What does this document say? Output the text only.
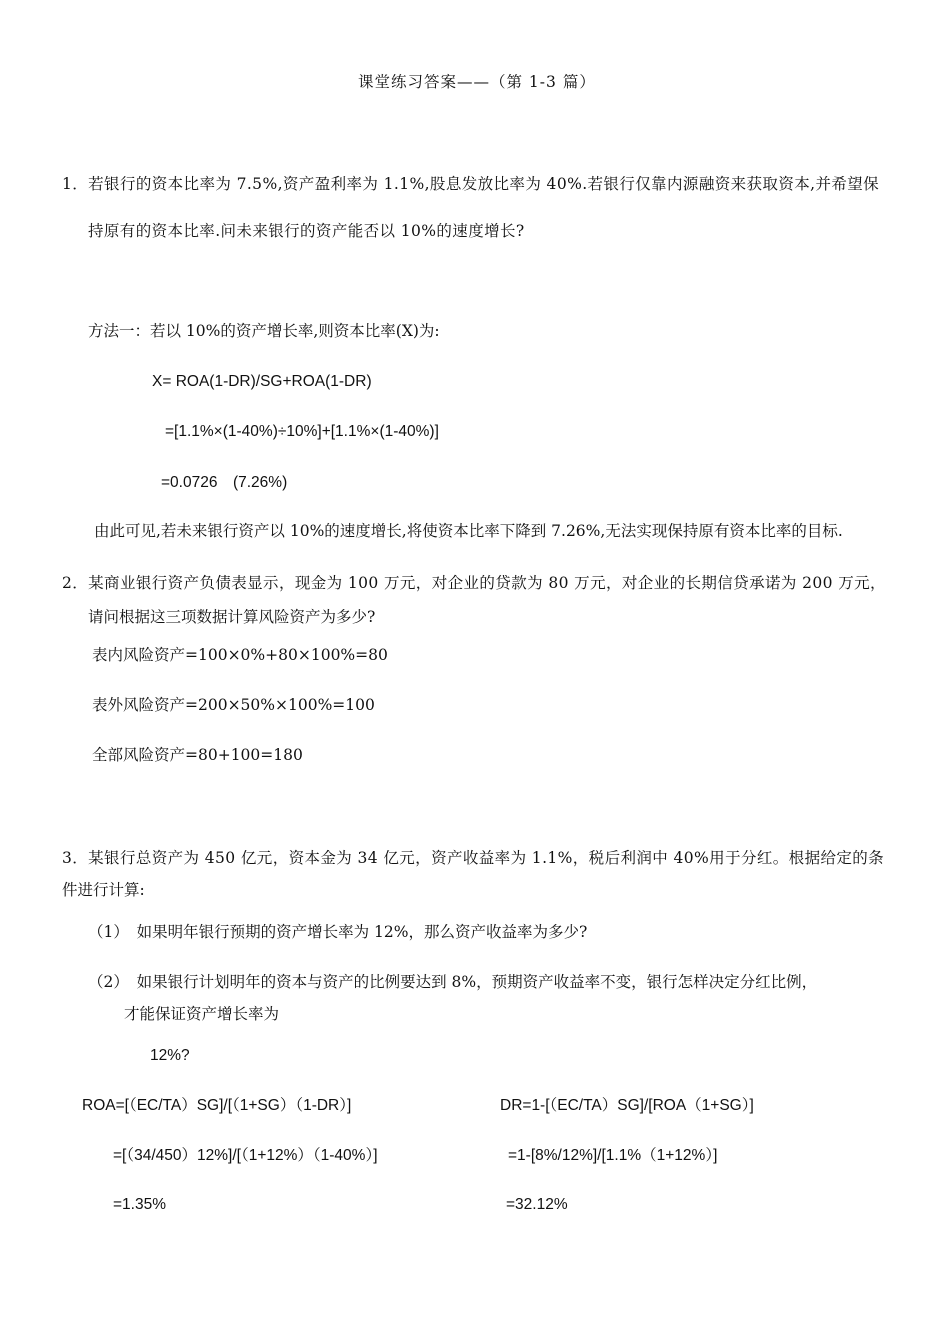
课堂练习答案——（第 1-3 篇）
1．若银行的资本比率为 7.5%,资产盈利率为 1.1%,股息发放比率为 40%.若银行仅靠内源融资来获取资本,并希望保
持原有的资本比率.问未来银行的资产能否以 10%的速度增长?
方法一：若以 10%的资产增长率,则资本比率(X)为:
X= ROA(1-DR)/SG+ROA(1-DR)
=[1.1%×(1-40%)÷10%]+[1.1%×(1-40%)]
=0.0726　(7.26%)
由此可见,若未来银行资产以 10%的速度增长,将使资本比率下降到 7.26%,无法实现保持原有资本比率的目标.
2．某商业银行资产负债表显示，现金为 100 万元，对企业的贷款为 80 万元，对企业的长期信贷承诺为 200 万元，
请问根据这三项数据计算风险资产为多少?
表内风险资产=100×0%+80×100%=80
表外风险资产=200×50%×100%=100
全部风险资产=80+100=180
3．某银行总资产为 450 亿元，资本金为 34 亿元，资产收益率为 1.1%，税后利润中 40%用于分红。根据给定的条
件进行计算:
（1）　如果明年银行预期的资产增长率为 12%，那么资产收益率为多少?
（2）　如果银行计划明年的资本与资产的比例要达到 8%，预期资产收益率不变，银行怎样决定分红比例，
才能保证资产增长率为
12%?
ROA=[（EC/TA）SG]/[（1+SG）（1-DR）]
=[（34/450）12%]/[（1+12%）（1-40%）]
=1.35%
DR=1-[（EC/TA）SG]/[ROA（1+SG）]
=1-[8%/12%]/[1.1%（1+12%）]
=32.12%
